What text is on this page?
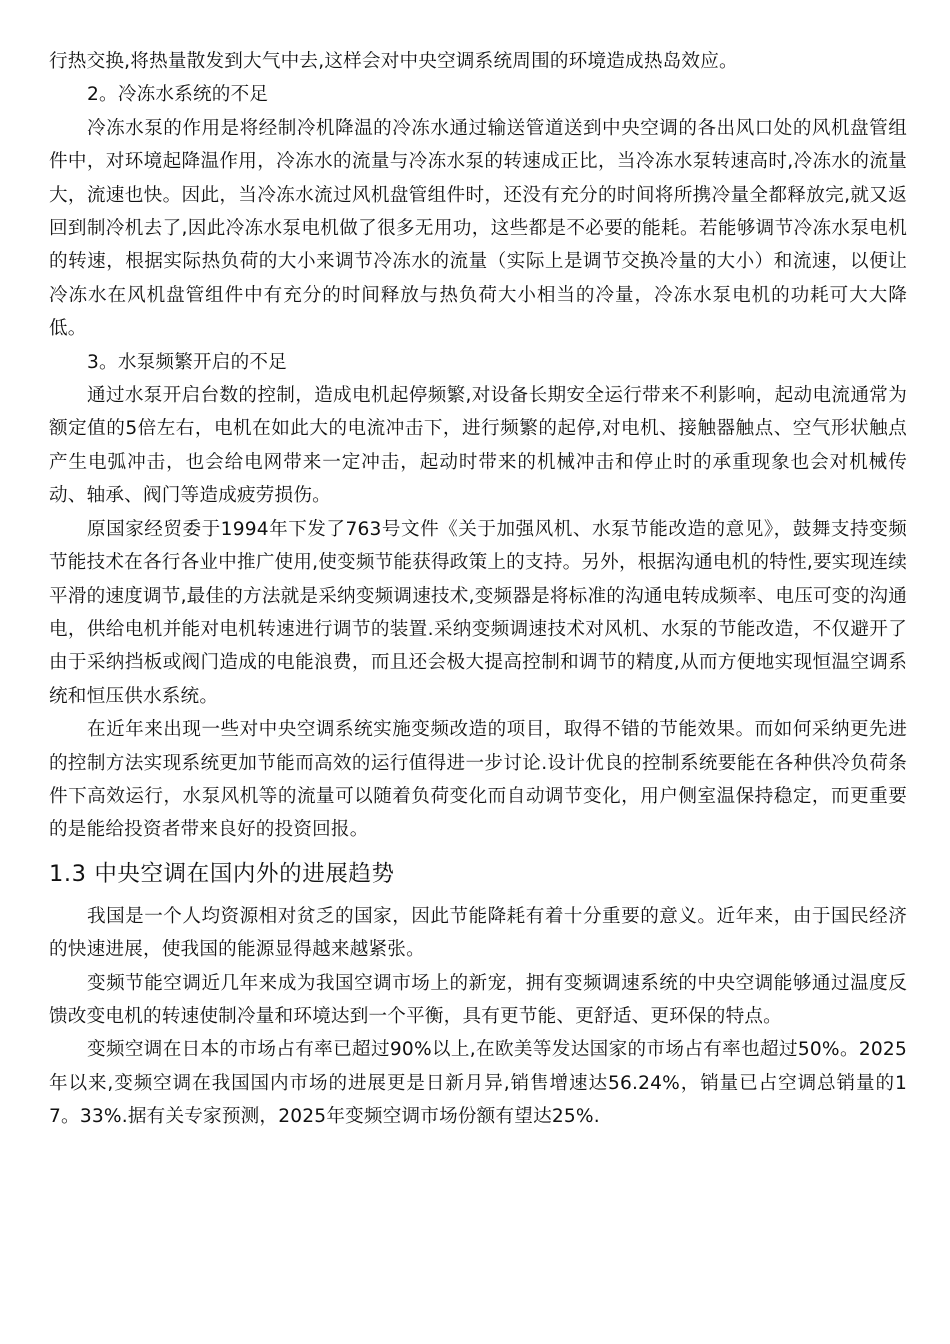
行热交换,将热量散发到大气中去,这样会对中央空调系统周围的环境造成热岛效应。

2。冷冻水系统的不足

冷冻水泵的作用是将经制冷机降温的冷冻水通过输送管道送到中央空调的各出风口处的风机盘管组件中，对环境起降温作用，冷冻水的流量与冷冻水泵的转速成正比，当冷冻水泵转速高时,冷冻水的流量大，流速也快。因此，当冷冻水流过风机盘管组件时，还没有充分的时间将所携冷量全都释放完,就又返回到制冷机去了,因此冷冻水泵电机做了很多无用功，这些都是不必要的能耗。若能够调节冷冻水泵电机的转速，根据实际热负荷的大小来调节冷冻水的流量（实际上是调节交换冷量的大小）和流速，以便让冷冻水在风机盘管组件中有充分的时间释放与热负荷大小相当的冷量，冷冻水泵电机的功耗可大大降低。

3。水泵频繁开启的不足

通过水泵开启台数的控制，造成电机起停频繁,对设备长期安全运行带来不利影响，起动电流通常为额定值的5倍左右，电机在如此大的电流冲击下，进行频繁的起停,对电机、接触器触点、空气形状触点产生电弧冲击，也会给电网带来一定冲击，起动时带来的机械冲击和停止时的承重现象也会对机械传动、轴承、阀门等造成疲劳损伤。

原国家经贸委于1994年下发了763号文件《关于加强风机、水泵节能改造的意见》，鼓舞支持变频节能技术在各行各业中推广使用,使变频节能获得政策上的支持。另外，根据沟通电机的特性,要实现连续平滑的速度调节,最佳的方法就是采纳变频调速技术,变频器是将标准的沟通电转成频率、电压可变的沟通电，供给电机并能对电机转速进行调节的装置.采纳变频调速技术对风机、水泵的节能改造，不仅避开了由于采纳挡板或阀门造成的电能浪费，而且还会极大提高控制和调节的精度,从而方便地实现恒温空调系统和恒压供水系统。

在近年来出现一些对中央空调系统实施变频改造的项目，取得不错的节能效果。而如何采纳更先进的控制方法实现系统更加节能而高效的运行值得进一步讨论.设计优良的控制系统要能在各种供冷负荷条件下高效运行，水泵风机等的流量可以随着负荷变化而自动调节变化，用户侧室温保持稳定，而更重要的是能给投资者带来良好的投资回报。

1.3 中央空调在国内外的进展趋势

我国是一个人均资源相对贫乏的国家，因此节能降耗有着十分重要的意义。近年来，由于国民经济的快速进展，使我国的能源显得越来越紧张。

变频节能空调近几年来成为我国空调市场上的新宠，拥有变频调速系统的中央空调能够通过温度反馈改变电机的转速使制冷量和环境达到一个平衡，具有更节能、更舒适、更环保的特点。

变频空调在日本的市场占有率已超过90%以上,在欧美等发达国家的市场占有率也超过50%。2025年以来,变频空调在我国国内市场的进展更是日新月异,销售增速达56.24%，销量已占空调总销量的17。33%.据有关专家预测，2025年变频空调市场份额有望达25%.
